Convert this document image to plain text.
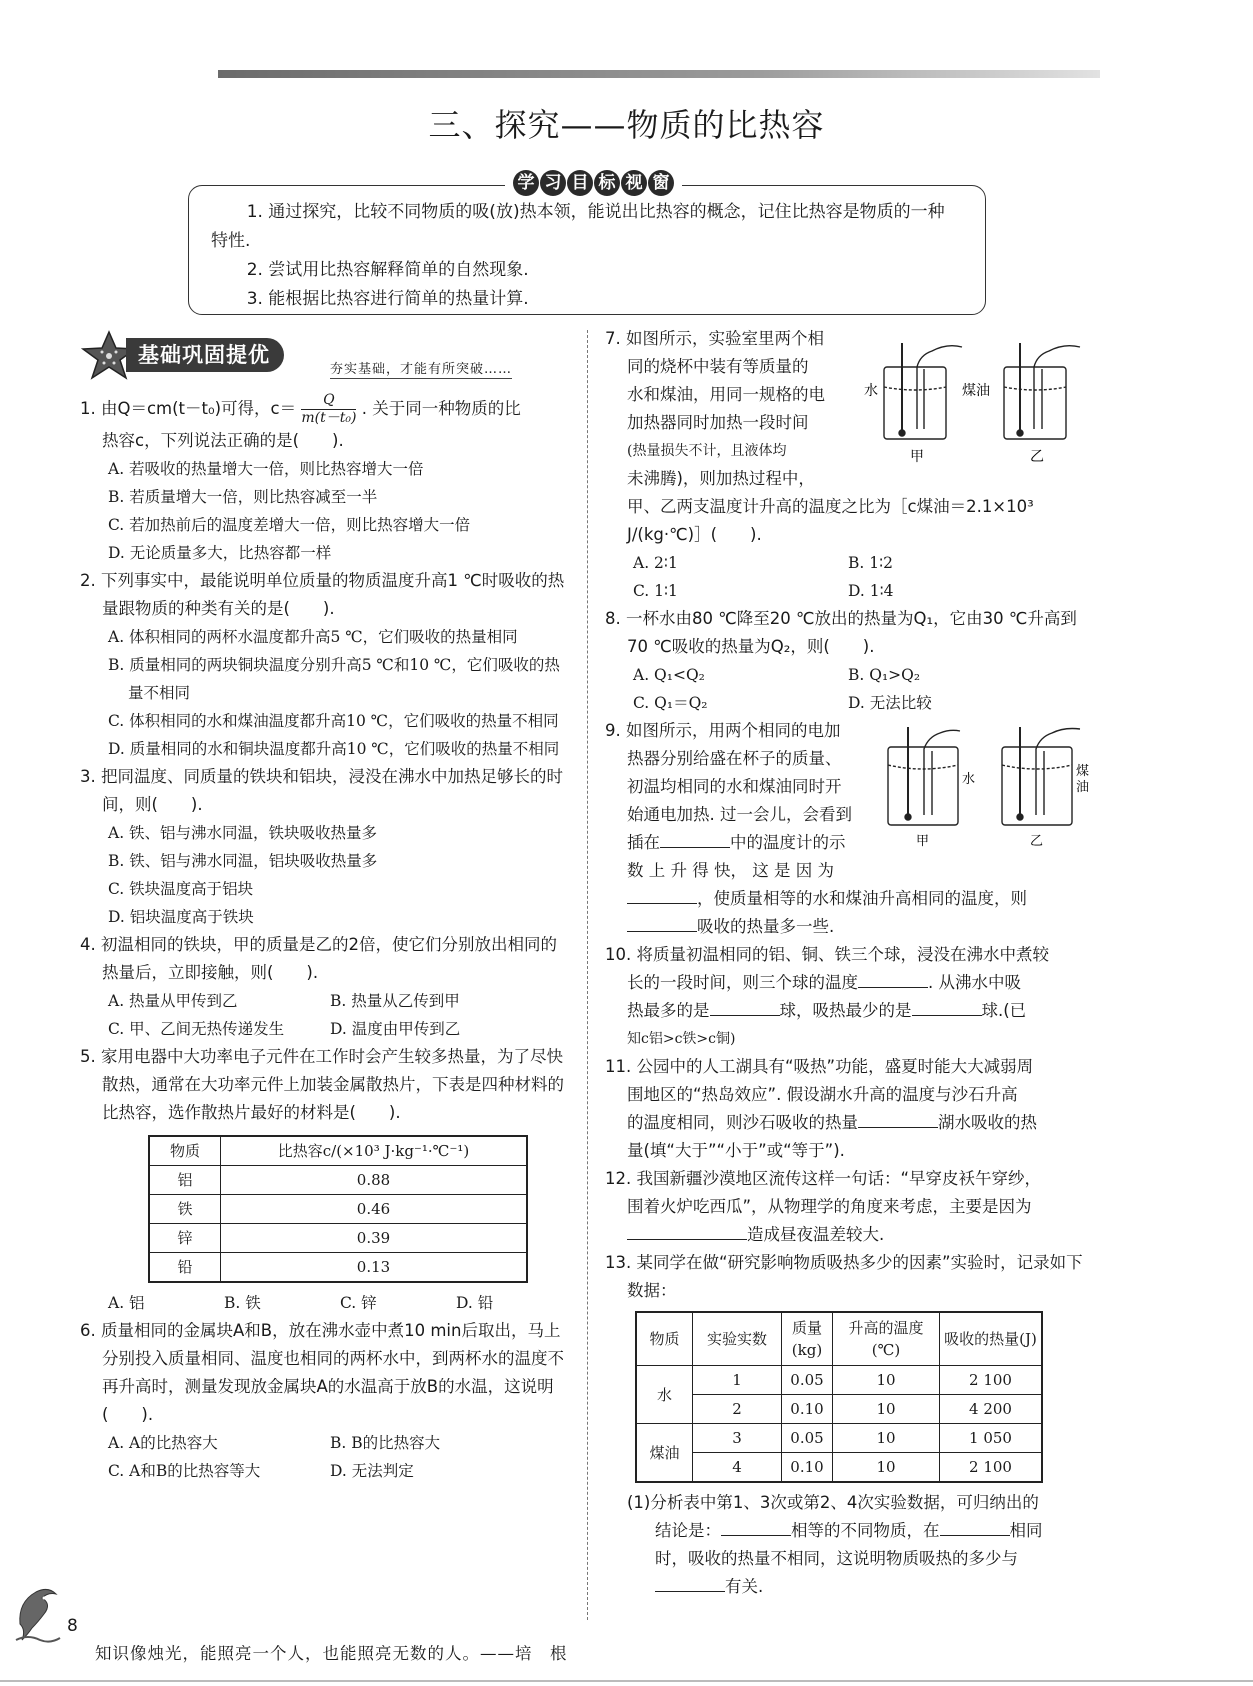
三、探究——物质的比热容
学 习 目 标 视 窗

1. 通过探究，比较不同物质的吸(放)热本领，能说出比热容的概念，记住比热容是物质的一种

特性.

2. 尝试用比热容解释简单的自然现象.

3. 能根据比热容进行简单的热量计算.

基础巩固提优
夯实基础，才能有所突破……
1. 由Q＝cm(t－t₀)可得，$c= \frac{Q}{\text{m(t－t₀)}}$ . 关于同一种物质的比
热容c，下列说法正确的是(　　).
A. 若吸收的热量增大一倍，则比热容增大一倍
B. 若质量增大一倍，则比热容减至一半
C. 若加热前后的温度差增大一倍，则比热容增大一倍
D. 无论质量多大，比热容都一样
2. 下列事实中，最能说明单位质量的物质温度升高1 ℃时吸收的热量跟物质的种类有关的是(　　).
A. 体积相同的两杯水温度都升高5 ℃，它们吸收的热量相同
B. 质量相同的两块铜块温度分别升高5 ℃和10 ℃，它们吸收的热量不相同
C. 体积相同的水和煤油温度都升高10 ℃，它们吸收的热量不相同
D. 质量相同的水和铜块温度都升高10 ℃，它们吸收的热量不相同
3. 把同温度、同质量的铁块和铝块，浸没在沸水中加热足够长的时间，则(　　).
A. 铁、铝与沸水同温，铁块吸收热量多
B. 铁、铝与沸水同温，铝块吸收热量多
C. 铁块温度高于铝块
D. 铝块温度高于铁块
4. 初温相同的铁块，甲的质量是乙的2倍，使它们分别放出相同的热量后，立即接触，则(　　).
A. 热量从甲传到乙	B. 热量从乙传到甲
C. 甲、乙间无热传递发生	D. 温度由甲传到乙
5. 家用电器中大功率电子元件在工作时会产生较多热量，为了尽快散热，通常在大功率元件上加装金属散热片，下表是四种材料的比热容，选作散热片最好的材料是(　　).
物质	比热容c/(×10³ J·kg⁻¹·℃⁻¹)
铝	0.88
铁	0.46
锌	0.39
铅	0.13
A. 铝	B. 铁	C. 锌	D. 铅
6. 质量相同的金属块A和B，放在沸水壶中煮10 min后取出，马上分别投入质量相同、温度也相同的两杯水中，到两杯水的温度不再升高时，测量发现放金属块A的水温高于放B的水温，这说明(　　).
A. A的比热容大	B. B的比热容大
C. A和B的比热容等大	D. 无法判定
7. 如图所示，实验室里两个相
同的烧杯中装有等质量的
水和煤油，用同一规格的电
加热器同时加热一段时间
(热量损失不计，且液体均
未沸腾)，则加热过程中，
甲、乙两支温度计升高的温度之比为［c煤油＝2.1×10³ J/(kg·℃)］(　　).
A. 2∶1	B. 1∶2
C. 1∶1	D. 1∶4
8. 一杯水由80 ℃降至20 ℃放出的热量为Q₁，它由30 ℃升高到70 ℃吸收的热量为Q₂，则(　　).
A. Q₁<Q₂	B. Q₁>Q₂
C. Q₁＝Q₂	D. 无法比较
9. 如图所示，用两个相同的电加
热器分别给盛在杯子的质量、
初温均相同的水和煤油同时开
始通电加热. 过一会儿，会看到
插在	中的温度计的示
数 上 升 得 快， 这 是 因 为
，使质量相等的水和煤油升高相同的温度，则
吸收的热量多一些.
10. 将质量初温相同的铝、铜、铁三个球，浸没在沸水中煮较
长的一段时间，则三个球的温度	. 从沸水中吸
热最多的是	球，吸热最少的是	球.(已
知c铝>c铁>c铜)
11. 公园中的人工湖具有“吸热”功能，盛夏时能大大减弱周
围地区的“热岛效应”. 假设湖水升高的温度与沙石升高
的温度相同，则沙石吸收的热量	湖水吸收的热
量(填“大于”“小于”或“等于”).
12. 我国新疆沙漠地区流传这样一句话：“早穿皮袄午穿纱，
围着火炉吃西瓜”，从物理学的角度来考虑，主要是因为
造成昼夜温差较大.
13. 某同学在做“研究影响物质吸热多少的因素”实验时，记录如下数据：
物质	实验实数	质量(kg)	升高的温度(℃)	吸收的热量(J)
水	1	0.05	10	2 100
	2	0.10	10	4 200
煤油	3	0.05	10	1 050
	4	0.10	10	2 100
(1)分析表中第1、3次或第2、4次实验数据，可归纳出的
结论是：	相等的不同物质，在	相同
时，吸收的热量不相同，这说明物质吸热的多少与
有关.
水	煤油
甲	乙
水
煤
油
甲	乙
8
知识像烛光，能照亮一个人，也能照亮无数的人。——培　根
